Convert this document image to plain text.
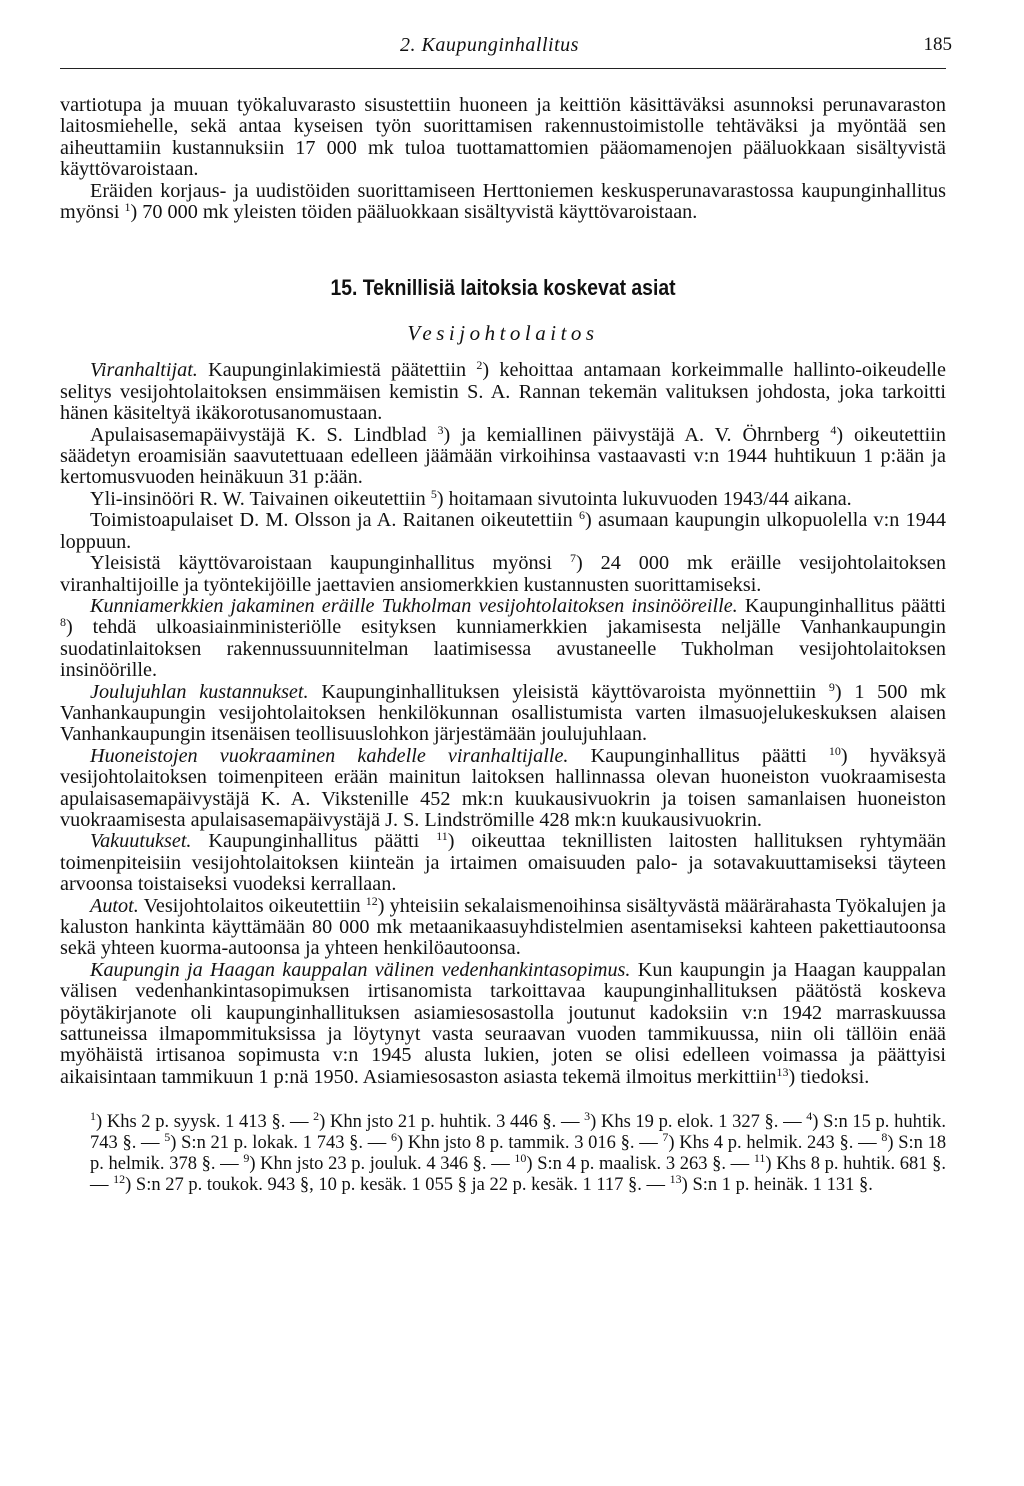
2. Kaupunginhallitus	185

vartiotupa ja muuan työkaluvarasto sisustettiin huoneen ja keittiön käsittäväksi asunnoksi perunavaraston laitosmiehelle, sekä antaa kyseisen työn suorittamisen rakennustoimistolle tehtäväksi ja myöntää sen aiheuttamiin kustannuksiin 17 000 mk tuloa tuottamattomien pääomamenojen pääluokkaan sisältyvistä käyttövaroistaan.

Eräiden korjaus- ja uudistöiden suorittamiseen Herttoniemen keskusperunavarastossa kaupunginhallitus myönsi $^1$) 70 000 mk yleisten töiden pääluokkaan sisältyvistä käyttövaroistaan.

15. Teknillisiä laitoksia koskevat asiat
Vesijohtolaitos

Viranhaltijat. Kaupunginlakimiestä päätettiin $^2$) kehoittaa antamaan korkeimmalle hallinto-oikeudelle selitys vesijohtolaitoksen ensimmäisen kemistin S. A. Rannan tekemän valituksen johdosta, joka tarkoitti hänen käsiteltyä ikäkorotusanomustaan.

Apulaisasemapäivystäjä K. S. Lindblad $^3$) ja kemiallinen päivystäjä A. V. Öhrnberg $^4$) oikeutettiin säädetyn eroamisiän saavutettuaan edelleen jäämään virkoihinsa vastaavasti v:n 1944 huhtikuun 1 p:ään ja kertomusvuoden heinäkuun 31 p:ään.

Yli-insinööri R. W. Taivainen oikeutettiin $^5$) hoitamaan sivutointa lukuvuoden 1943/44 aikana.

Toimistoapulaiset D. M. Olsson ja A. Raitanen oikeutettiin $^6$) asumaan kaupungin ulkopuolella v:n 1944 loppuun.

Yleisistä käyttövaroistaan kaupunginhallitus myönsi $^7$) 24 000 mk eräille vesijohtolaitoksen viranhaltijoille ja työntekijöille jaettavien ansiomerkkien kustannusten suorittamiseksi.

Kunniamerkkien jakaminen eräille Tukholman vesijohtolaitoksen insinööreille. Kaupunginhallitus päätti $^8$) tehdä ulkoasiainministeriölle esityksen kunniamerkkien jakamisesta neljälle Vanhankaupungin suodatinlaitoksen rakennussuunnitelman laatimisessa avustaneelle Tukholman vesijohtolaitoksen insinöörille.

Joulujuhlan kustannukset. Kaupunginhallituksen yleisistä käyttövaroista myönnettiin $^9$) 1 500 mk Vanhankaupungin vesijohtolaitoksen henkilökunnan osallistumista varten ilmasuojelukeskuksen alaisen Vanhankaupungin itsenäisen teollisuuslohkon järjestämään joulujuhlaan.

Huoneistojen vuokraaminen kahdelle viranhaltijalle. Kaupunginhallitus päätti $^{10}$) hyväksyä vesijohtolaitoksen toimenpiteen erään mainitun laitoksen hallinnassa olevan huoneiston vuokraamisesta apulaisasemapäivystäjä K. A. Vikstenille 452 mk:n kuukausivuokrin ja toisen samanlaisen huoneiston vuokraamisesta apulaisasemapäivystäjä J. S. Lindströmille 428 mk:n kuukausivuokrin.

Vakuutukset. Kaupunginhallitus päätti $^{11}$) oikeuttaa teknillisten laitosten hallituksen ryhtymään toimenpiteisiin vesijohtolaitoksen kiinteän ja irtaimen omaisuuden palo- ja sotavakuuttamiseksi täyteen arvoonsa toistaiseksi vuodeksi kerrallaan.

Autot. Vesijohtolaitos oikeutettiin $^{12}$) yhteisiin sekalaismenoihinsa sisältyvästä määrärahasta Työkalujen ja kaluston hankinta käyttämään 80 000 mk metaanikaasuyhdistelmien asentamiseksi kahteen pakettiautoonsa sekä yhteen kuorma-autoonsa ja yhteen henkilöautoonsa.

Kaupungin ja Haagan kauppalan välinen vedenhankintasopimus. Kun kaupungin ja Haagan kauppalan välisen vedenhankintasopimuksen irtisanomista tarkoittavaa kaupunginhallituksen päätöstä koskeva pöytäkirjanote oli kaupunginhallituksen asiamiesosastolla joutunut kadoksiin v:n 1942 marraskuussa sattuneissa ilmapommituksissa ja löytynyt vasta seuraavan vuoden tammikuussa, niin oli tällöin enää myöhäistä irtisanoa sopimusta v:n 1945 alusta lukien, joten se olisi edelleen voimassa ja päättyisi aikaisintaan tammikuun 1 p:nä 1950. Asiamiesosaston asiasta tekemä ilmoitus merkittiin$^{13}$) tiedoksi.

$^1$) Khs 2 p. syysk. 1 413 §. — $^2$) Khn jsto 21 p. huhtik. 3 446 §. — $^3$) Khs 19 p. elok. 1 327 §. — $^4$) S:n 15 p. huhtik. 743 §. — $^5$) S:n 21 p. lokak. 1 743 §. — $^6$) Khn jsto 8 p. tammik. 3 016 §. — $^7$) Khs 4 p. helmik. 243 §. — $^8$) S:n 18 p. helmik. 378 §. — $^9$) Khn jsto 23 p. jouluk. 4 346 §. — $^{10}$) S:n 4 p. maalisk. 3 263 §. — $^{11}$) Khs 8 p. huhtik. 681 §. — $^{12}$) S:n 27 p. toukok. 943 §, 10 p. kesäk. 1 055 § ja 22 p. kesäk. 1 117 §. — $^{13}$) S:n 1 p. heinäk. 1 131 §.
